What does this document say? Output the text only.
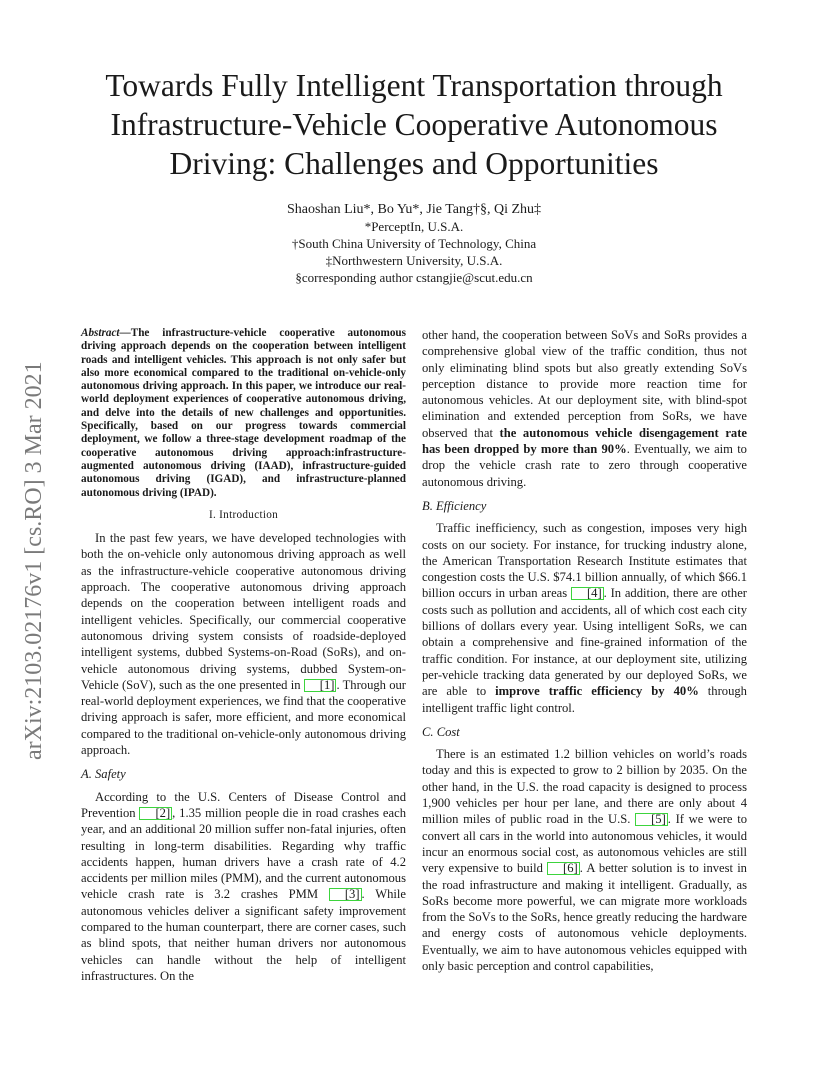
arXiv:2103.02176v1 [cs.RO] 3 Mar 2021
Towards Fully Intelligent Transportation through Infrastructure-Vehicle Cooperative Autonomous Driving: Challenges and Opportunities
Shaoshan Liu*, Bo Yu*, Jie Tang†§, Qi Zhu‡
*PerceptIn, U.S.A.
†South China University of Technology, China
‡Northwestern University, U.S.A.
§corresponding author cstangjie@scut.edu.cn

Abstract—The infrastructure-vehicle cooperative autonomous driving approach depends on the cooperation between intelligent roads and intelligent vehicles. This approach is not only safer but also more economical compared to the traditional on-vehicle-only autonomous driving approach. In this paper, we introduce our real-world deployment experiences of cooperative autonomous driving, and delve into the details of new challenges and opportunities. Specifically, based on our progress towards commercial deployment, we follow a three-stage development roadmap of the cooperative autonomous driving approach:infrastructure-augmented autonomous driving (IAAD), infrastructure-guided autonomous driving (IGAD), and infrastructure-planned autonomous driving (IPAD).

I. Introduction

In the past few years, we have developed technologies with both the on-vehicle only autonomous driving approach as well as the infrastructure-vehicle cooperative autonomous driving approach. The cooperative autonomous driving approach depends on the cooperation between intelligent roads and intelligent vehicles. Specifically, our commercial cooperative autonomous driving system consists of roadside-deployed intelligent systems, dubbed Systems-on-Road (SoRs), and on-vehicle autonomous driving systems, dubbed System-on-Vehicle (SoV), such as the one presented in [1] . Through our real-world deployment experiences, we find that the cooperative driving approach is safer, more efficient, and more economical compared to the traditional on-vehicle-only autonomous driving approach.

A. Safety

According to the U.S. Centers of Disease Control and Prevention [2] , 1.35 million people die in road crashes each year, and an additional 20 million suffer non-fatal injuries, often resulting in long-term disabilities. Regarding why traffic accidents happen, human drivers have a crash rate of 4.2 accidents per million miles (PMM), and the current autonomous vehicle crash rate is 3.2 crashes PMM [3] . While autonomous vehicles deliver a significant safety improvement compared to the human counterpart, there are corner cases, such as blind spots, that neither human drivers nor autonomous vehicles can handle without the help of intelligent infrastructures. On the

other hand, the cooperation between SoVs and SoRs provides a comprehensive global view of the traffic condition, thus not only eliminating blind spots but also greatly extending SoVs perception distance to provide more reaction time for autonomous vehicles. At our deployment site, with blind-spot elimination and extended perception from SoRs, we have observed that the autonomous vehicle disengagement rate has been dropped by more than 90%. Eventually, we aim to drop the vehicle crash rate to zero through cooperative autonomous driving.

B. Efficiency

Traffic inefficiency, such as congestion, imposes very high costs on our society. For instance, for trucking industry alone, the American Transportation Research Institute estimates that congestion costs the U.S. $74.1 billion annually, of which $66.1 billion occurs in urban areas [4] . In addition, there are other costs such as pollution and accidents, all of which cost each city billions of dollars every year. Using intelligent SoRs, we can obtain a comprehensive and fine-grained information of the traffic condition. For instance, at our deployment site, utilizing per-vehicle tracking data generated by our deployed SoRs, we are able to improve traffic efficiency by 40% through intelligent traffic light control.

C. Cost

There is an estimated 1.2 billion vehicles on world’s roads today and this is expected to grow to 2 billion by 2035. On the other hand, in the U.S. the road capacity is designed to process 1,900 vehicles per hour per lane, and there are only about 4 million miles of public road in the U.S. [5] . If we were to convert all cars in the world into autonomous vehicles, it would incur an enormous social cost, as autonomous vehicles are still very expensive to build [6] . A better solution is to invest in the road infrastructure and making it intelligent. Gradually, as SoRs become more powerful, we can migrate more workloads from the SoVs to the SoRs, hence greatly reducing the hardware and energy costs of autonomous vehicle deployments. Eventually, we aim to have autonomous vehicles equipped with only basic perception and control capabilities,
